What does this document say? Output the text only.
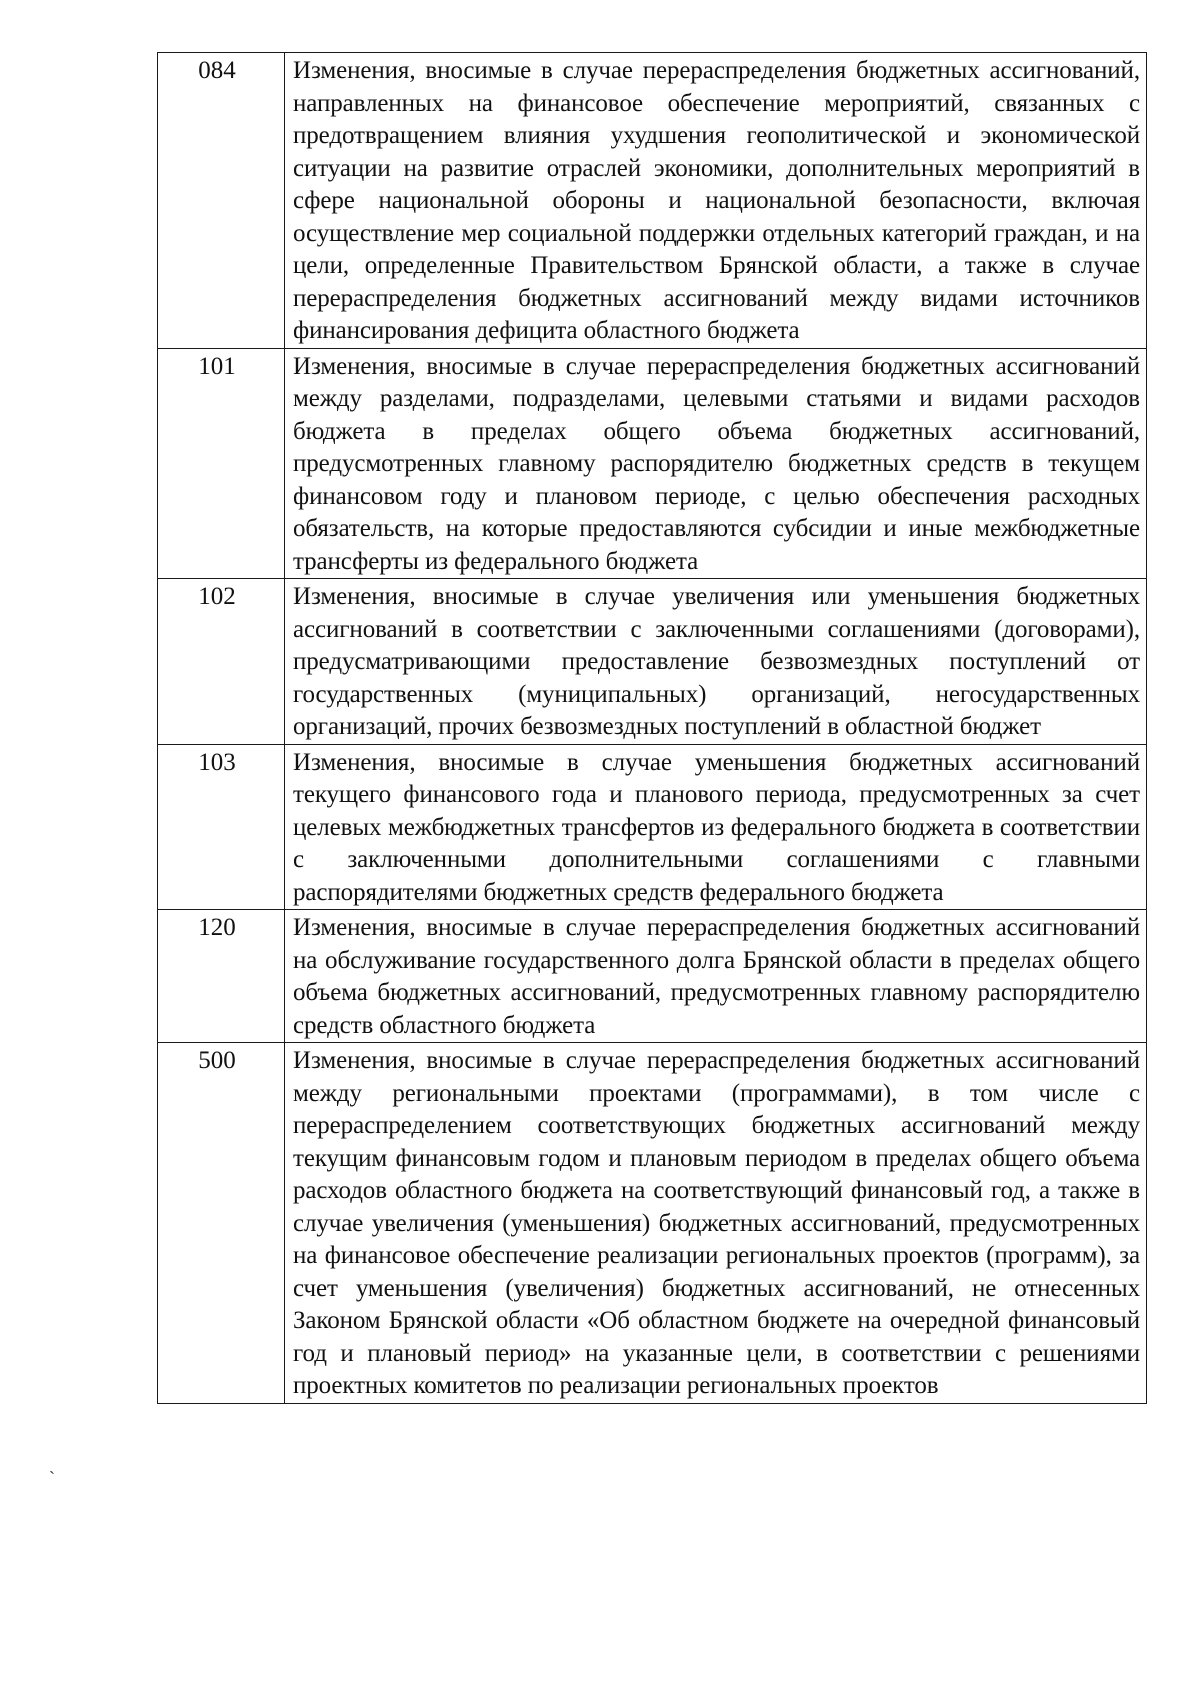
084	Изменения, вносимые в случае перераспределения бюджетных ассигнований, направленных на финансовое обеспечение мероприятий, связанных с предотвращением влияния ухудшения геополитической и экономической ситуации на развитие отраслей экономики, дополнительных мероприятий в сфере национальной обороны и национальной безопасности, включая осуществление мер социальной поддержки отдельных категорий граждан, и на цели, определенные Правительством Брянской области, а также в случае перераспределения бюджетных ассигнований между видами источников финансирования дефицита областного бюджета
101	Изменения, вносимые в случае перераспределения бюджетных ассигнований между разделами, подразделами, целевыми статьями и видами расходов бюджета в пределах общего объема бюджетных ассигнований, предусмотренных главному распорядителю бюджетных средств в текущем финансовом году и плановом периоде, с целью обеспечения расходных обязательств, на которые предоставляются субсидии и иные межбюджетные трансферты из федерального бюджета
102	Изменения, вносимые в случае увеличения или уменьшения бюджетных ассигнований в соответствии с заключенными соглашениями (договорами), предусматривающими предоставление безвозмездных поступлений от государственных (муниципальных) организаций, негосударственных организаций, прочих безвозмездных поступлений в областной бюджет
103	Изменения, вносимые в случае уменьшения бюджетных ассигнований текущего финансового года и планового периода, предусмотренных за счет целевых межбюджетных трансфертов из федерального бюджета в соответствии с заключенными дополнительными соглашениями с главными распорядителями бюджетных средств федерального бюджета
120	Изменения, вносимые в случае перераспределения бюджетных ассигнований на обслуживание государственного долга Брянской области в пределах общего объема бюджетных ассигнований, предусмотренных главному распорядителю средств областного бюджета
500	Изменения, вносимые в случае перераспределения бюджетных ассигнований между региональными проектами (программами), в том числе с перераспределением соответствующих бюджетных ассигнований между текущим финансовым годом и плановым периодом в пределах общего объема расходов областного бюджета на соответствующий финансовый год, а также в случае увеличения (уменьшения) бюджетных ассигнований, предусмотренных на финансовое обеспечение реализации региональных проектов (программ), за счет уменьшения (увеличения) бюджетных ассигнований, не отнесенных Законом Брянской области «Об областном бюджете на очередной финансовый год и плановый период» на указанные цели, в соответствии с решениями проектных комитетов по реализации региональных проектов
`
